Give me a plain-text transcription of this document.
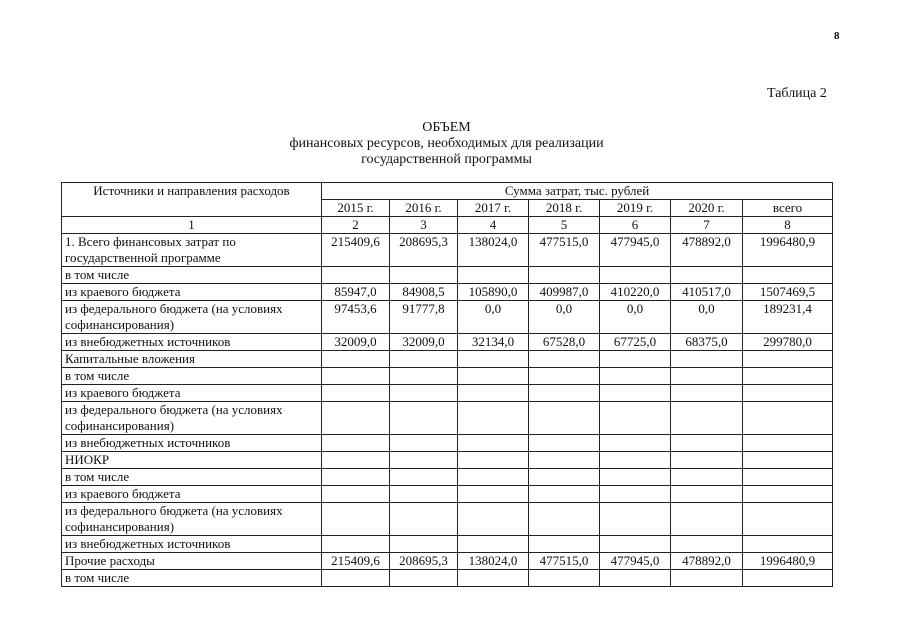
8
Таблица 2
ОБЪЕМ
финансовых ресурсов, необходимых для реализации
государственной программы
Источники и направления расходов	Сумма затрат, тыс. рублей						
	2015 г.	2016 г.	2017 г.	2018 г.	2019 г.	2020 г.	всего
1	2	3	4	5	6	7	8
1. Всего финансовых затрат по государственной программе	215409,6	208695,3	138024,0	477515,0	477945,0	478892,0	1996480,9
в том числе							
из краевого бюджета	85947,0	84908,5	105890,0	409987,0	410220,0	410517,0	1507469,5
из федерального бюджета (на условиях софинансирования)	97453,6	91777,8	0,0	0,0	0,0	0,0	189231,4
из внебюджетных источников	32009,0	32009,0	32134,0	67528,0	67725,0	68375,0	299780,0
Капитальные вложения							
в том числе							
из краевого бюджета							
из федерального бюджета (на условиях софинансирования)							
из внебюджетных источников							
НИОКР							
в том числе							
из краевого бюджета							
из федерального бюджета (на условиях софинансирования)							
из внебюджетных источников							
Прочие расходы	215409,6	208695,3	138024,0	477515,0	477945,0	478892,0	1996480,9
в том числе							
